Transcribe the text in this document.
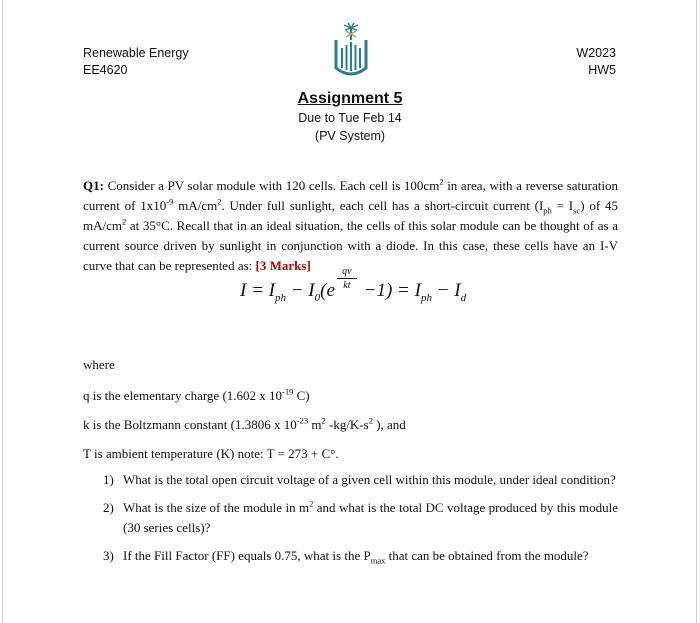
Renewable Energy
EE4620
W2023
HW5
Assignment 5
Due to Tue Feb 14
(PV System)
Q1: Consider a PV solar module with 120 cells. Each cell is $100cm^2$ in area, with a reverse saturation current of $1x10^{-9}$ $mA/cm^2$. Under full sunlight, each cell has a short-circuit current $(I_{ph} = I_{sc})$ of 45 $mA/cm^2$ at 35°C. Recall that in an ideal situation, the cells of this solar module can be thought of as a current source driven by sunlight in conjunction with a diode. In this case, these cells have an I-V curve that can be represented as: [3 Marks]
$I = I_{ph} - I_0(e$
qv
kt $-1) = I_{ph} - I_d$
where
q is the elementary charge (1.602 x $10^{-19}$ C)
k is the Boltzmann constant (1.3806 x $10^{-23}$ $m^2$ $-kg/K-s^2$ ), and
T is ambient temperature (K) note: T = 273 + C°.
1) What is the total open circuit voltage of a given cell within this module, under ideal condition?
2) What is the size of the module in $m^2$ and what is the total DC voltage produced by this module (30 series cells)?
3) If the Fill Factor (FF) equals 0.75, what is the $P_{max}$ that can be obtained from the module?
